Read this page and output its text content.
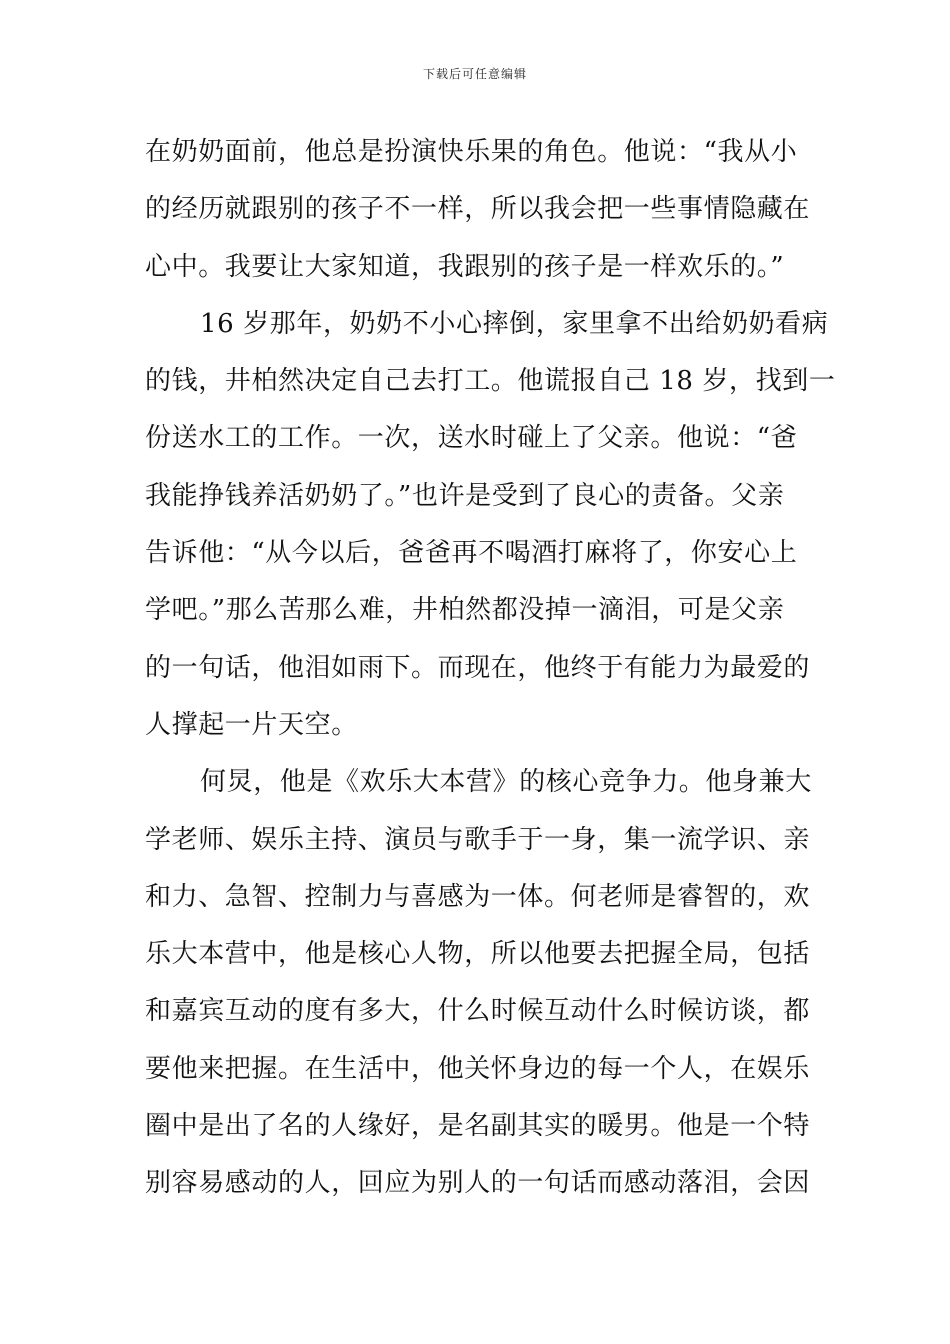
下载后可任意编辑
在奶奶面前，他总是扮演快乐果的角色。他说：“我从小
的经历就跟别的孩子不一样，所以我会把一些事情隐藏在
心中。我要让大家知道，我跟别的孩子是一样欢乐的。”
16 岁那年，奶奶不小心摔倒，家里拿不出给奶奶看病
的钱，井柏然决定自己去打工。他谎报自己 18 岁，找到一
份送水工的工作。一次，送水时碰上了父亲。他说：“爸
我能挣钱养活奶奶了。”也许是受到了良心的责备。父亲
告诉他：“从今以后，爸爸再不喝酒打麻将了，你安心上
学吧。”那么苦那么难，井柏然都没掉一滴泪，可是父亲
的一句话，他泪如雨下。而现在，他终于有能力为最爱的
人撑起一片天空。
何炅，他是《欢乐大本营》的核心竞争力。他身兼大
学老师、娱乐主持、演员与歌手于一身，集一流学识、亲
和力、急智、控制力与喜感为一体。何老师是睿智的，欢
乐大本营中，他是核心人物，所以他要去把握全局，包括
和嘉宾互动的度有多大，什么时候互动什么时候访谈，都
要他来把握。在生活中，他关怀身边的每一个人，在娱乐
圈中是出了名的人缘好，是名副其实的暖男。他是一个特
别容易感动的人，回应为别人的一句话而感动落泪，会因
